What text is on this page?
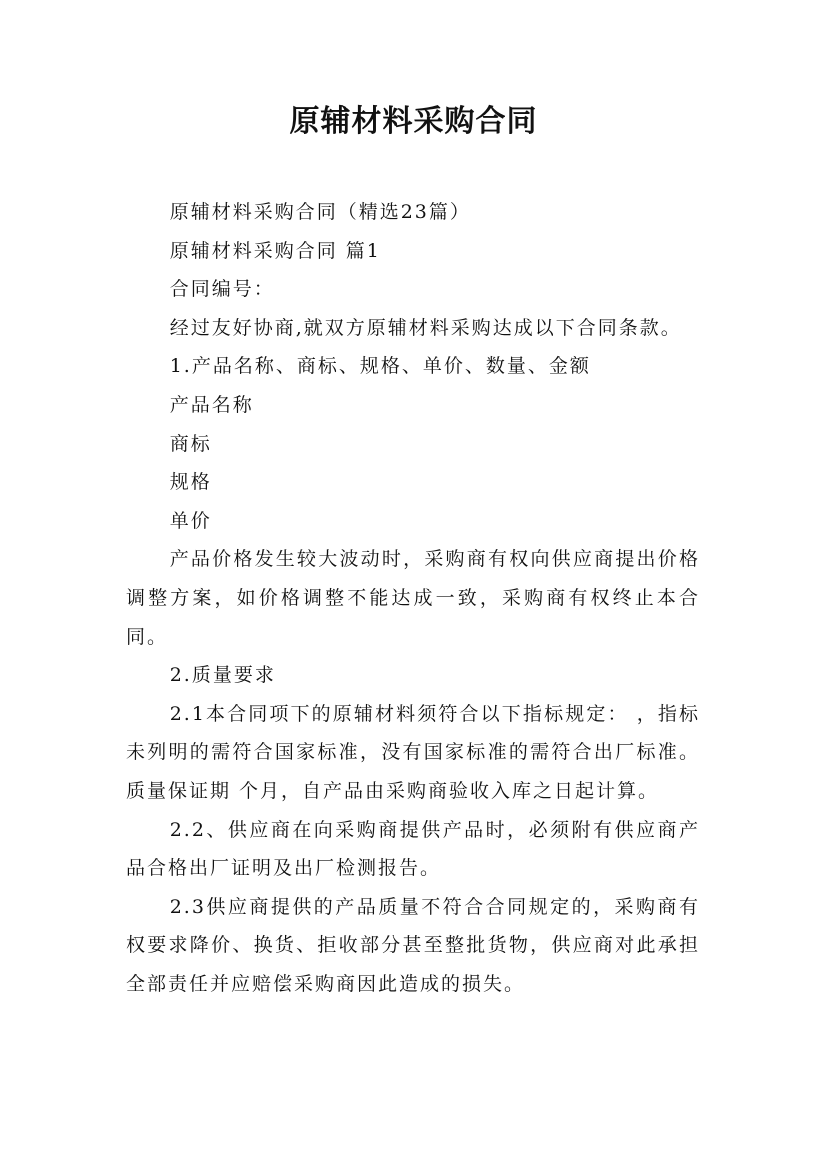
原辅材料采购合同

原辅材料采购合同（精选23篇）

原辅材料采购合同 篇1

合同编号：

经过友好协商,就双方原辅材料采购达成以下合同条款。

1.产品名称、商标、规格、单价、数量、金额

产品名称

商标

规格

单价

产品价格发生较大波动时，采购商有权向供应商提出价格调整方案，如价格调整不能达成一致，采购商有权终止本合同。

2.质量要求

2.1本合同项下的原辅材料须符合以下指标规定： ，指标未列明的需符合国家标准，没有国家标准的需符合出厂标准。质量保证期 个月，自产品由采购商验收入库之日起计算。

2.2、供应商在向采购商提供产品时，必须附有供应商产品合格出厂证明及出厂检测报告。

2.3供应商提供的产品质量不符合合同规定的，采购商有权要求降价、换货、拒收部分甚至整批货物，供应商对此承担全部责任并应赔偿采购商因此造成的损失。
